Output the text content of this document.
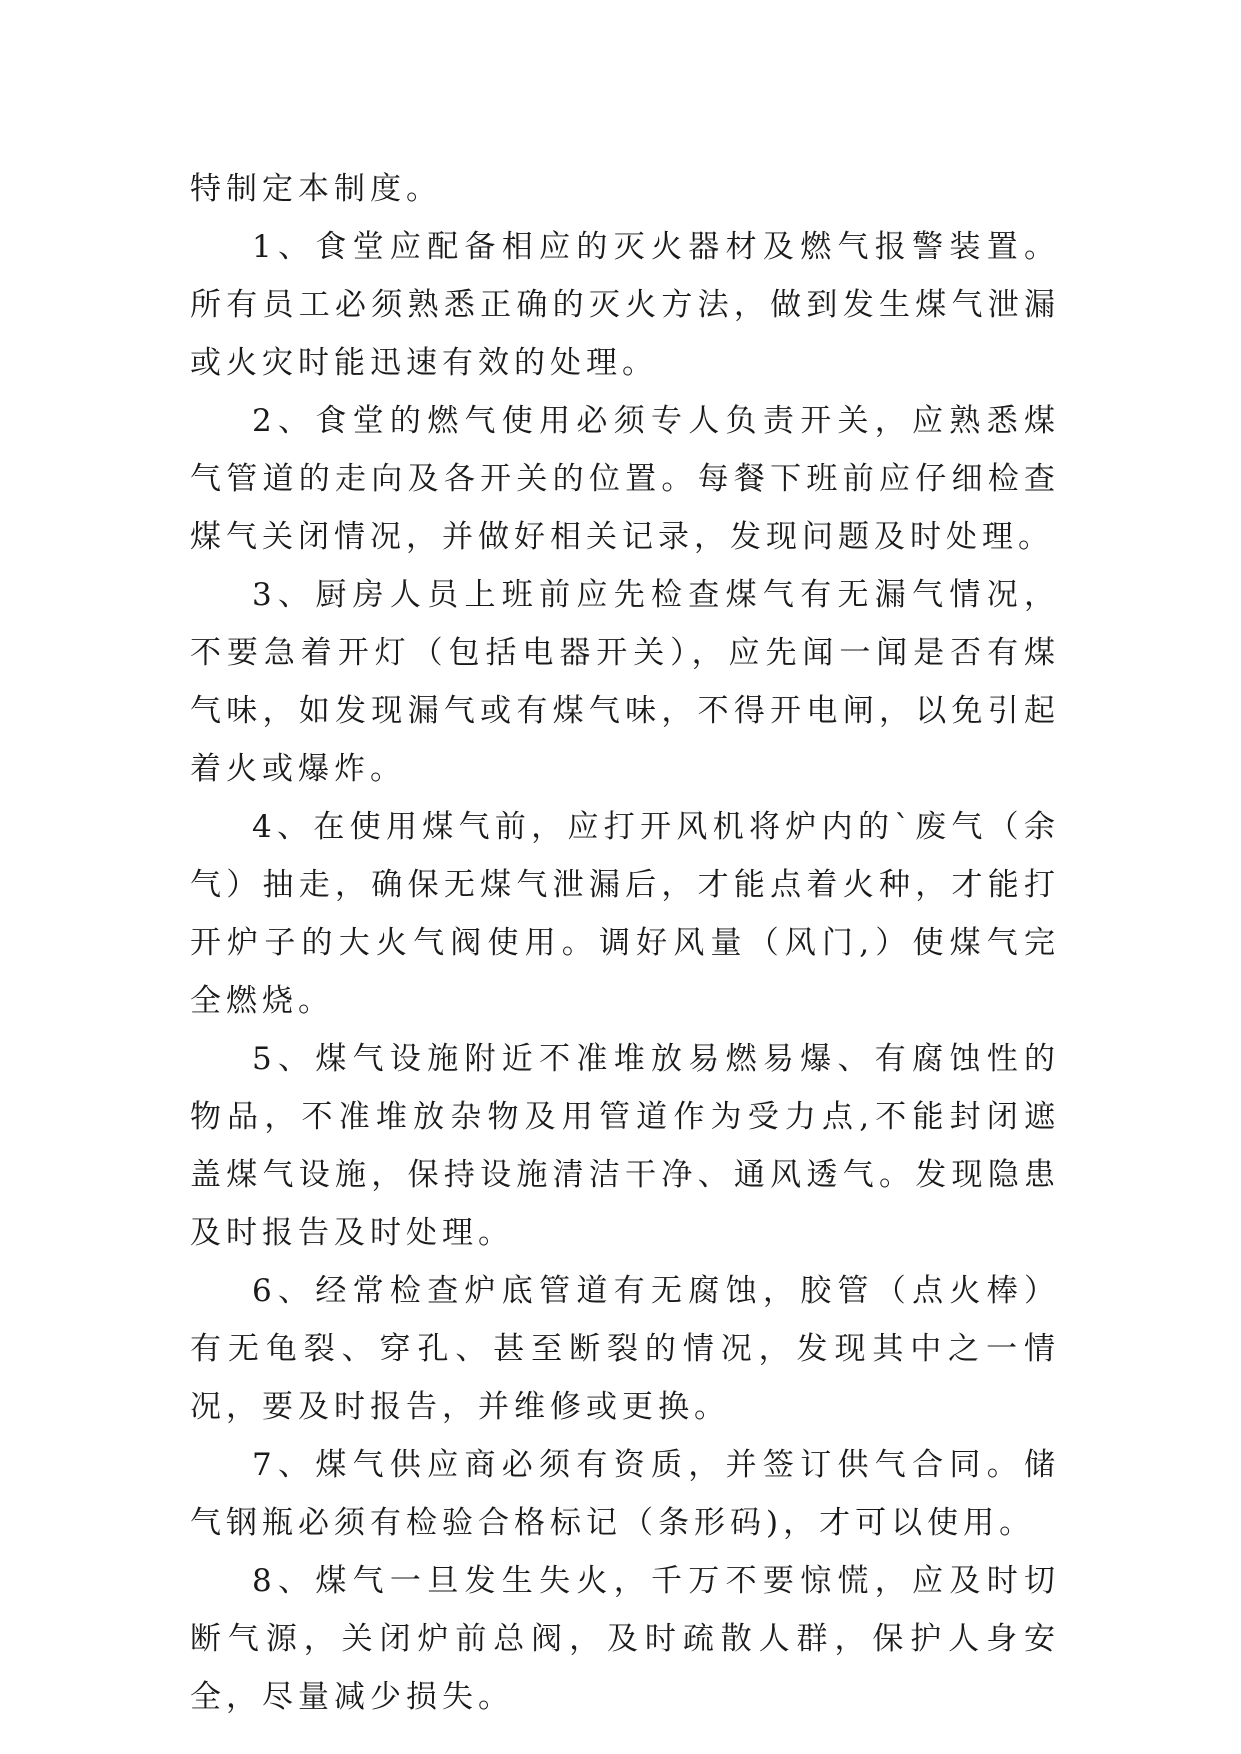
特制定本制度。

1、食堂应配备相应的灭火器材及燃气报警装置。所有员工必须熟悉正确的灭火方法，做到发生煤气泄漏或火灾时能迅速有效的处理。

2、食堂的燃气使用必须专人负责开关，应熟悉煤气管道的走向及各开关的位置。每餐下班前应仔细检查煤气关闭情况，并做好相关记录，发现问题及时处理。

3、厨房人员上班前应先检查煤气有无漏气情况，不要急着开灯（包括电器开关），应先闻一闻是否有煤气味，如发现漏气或有煤气味，不得开电闸，以免引起着火或爆炸。

4、在使用煤气前，应打开风机将炉内的`废气（余气）抽走，确保无煤气泄漏后，才能点着火种，才能打开炉子的大火气阀使用。调好风量（风门,）使煤气完全燃烧。

5、煤气设施附近不准堆放易燃易爆、有腐蚀性的物品，不准堆放杂物及用管道作为受力点,不能封闭遮盖煤气设施，保持设施清洁干净、通风透气。发现隐患及时报告及时处理。

6、经常检查炉底管道有无腐蚀，胶管（点火棒）有无龟裂、穿孔、甚至断裂的情况，发现其中之一情况，要及时报告，并维修或更换。

7、煤气供应商必须有资质，并签订供气合同。储气钢瓶必须有检验合格标记（条形码)，才可以使用。

8、煤气一旦发生失火，千万不要惊慌，应及时切断气源，关闭炉前总阀，及时疏散人群，保护人身安全，尽量减少损失。
